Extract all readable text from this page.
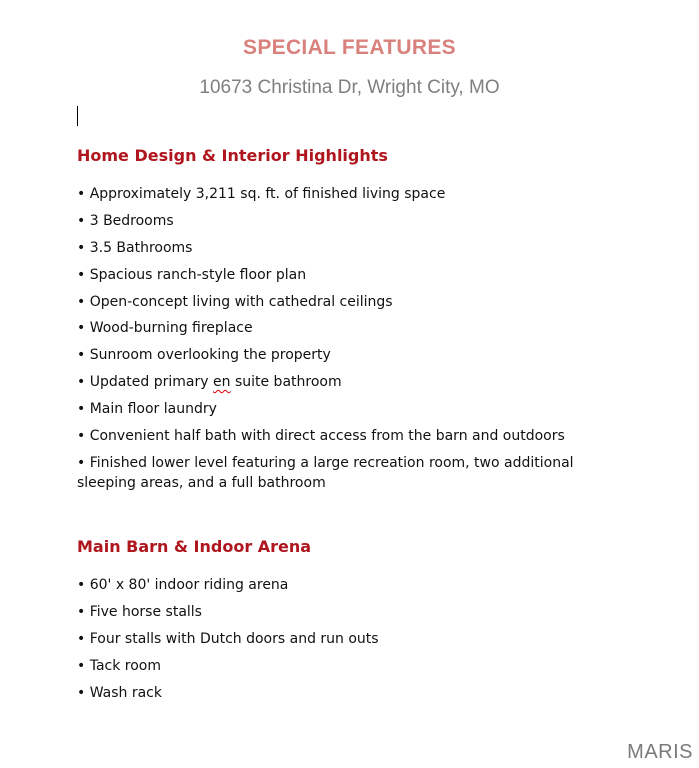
SPECIAL FEATURES
10673 Christina Dr, Wright City, MO
Home Design & Interior Highlights
• Approximately 3,211 sq. ft. of finished living space
• 3 Bedrooms
• 3.5 Bathrooms
• Spacious ranch-style floor plan
• Open-concept living with cathedral ceilings
• Wood-burning fireplace
• Sunroom overlooking the property
• Updated primary en suite bathroom
• Main floor laundry
• Convenient half bath with direct access from the barn and outdoors
• Finished lower level featuring a large recreation room, two additional sleeping areas, and a full bathroom
Main Barn & Indoor Arena
• 60' x 80' indoor riding arena
• Five horse stalls
• Four stalls with Dutch doors and run outs
• Tack room
• Wash rack
MARIS
